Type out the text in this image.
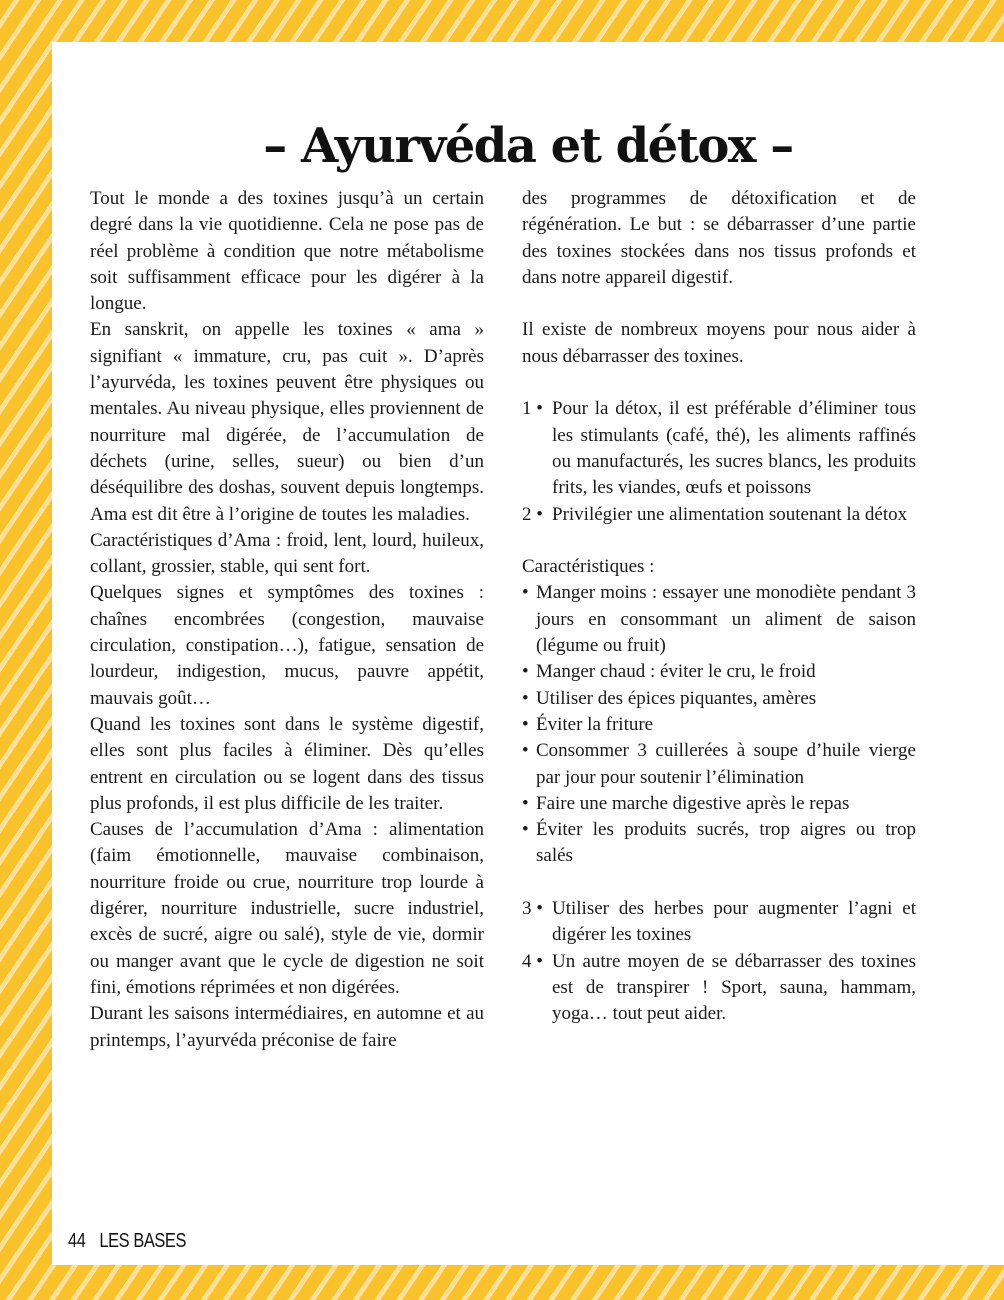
– Ayurvéda et détox –

Tout le monde a des toxines jusqu’à un certain degré dans la vie quotidienne. Cela ne pose pas de réel problème à condition que notre métabolisme soit suffisamment efficace pour les digérer à la longue.

En sanskrit, on appelle les toxines « ama » signifiant « immature, cru, pas cuit ». D’après l’ayurvéda, les toxines peuvent être physiques ou mentales. Au niveau physique, elles proviennent de nourriture mal digérée, de l’accumulation de déchets (urine, selles, sueur) ou bien d’un déséquilibre des doshas, souvent depuis longtemps. Ama est dit être à l’origine de toutes les maladies.

Caractéristiques d’Ama : froid, lent, lourd, huileux, collant, grossier, stable, qui sent fort.

Quelques signes et symptômes des toxines : chaînes encombrées (congestion, mauvaise circulation, constipation…), fatigue, sensation de lourdeur, indigestion, mucus, pauvre appétit, mauvais goût…

Quand les toxines sont dans le système digestif, elles sont plus faciles à éliminer. Dès qu’elles entrent en circulation ou se logent dans des tissus plus profonds, il est plus difficile de les traiter.

Causes de l’accumulation d’Ama : alimentation (faim émotionnelle, mauvaise combinaison, nourriture froide ou crue, nourriture trop lourde à digérer, nourriture industrielle, sucre industriel, excès de sucré, aigre ou salé), style de vie, dormir ou manger avant que le cycle de digestion ne soit fini, émotions réprimées et non digérées.

Durant les saisons intermédiaires, en automne et au printemps, l’ayurvéda préconise de faire

des programmes de détoxification et de régénération. Le but : se débarrasser d’une partie des toxines stockées dans nos tissus profonds et dans notre appareil digestif.

Il existe de nombreux moyens pour nous aider à nous débarrasser des toxines.

1 • Pour la détox, il est préférable d’éliminer tous les stimulants (café, thé), les aliments raffinés ou manufacturés, les sucres blancs, les produits frits, les viandes, œufs et poissons
2 • Privilégier une alimentation soutenant la détox

Caractéristiques :

• Manger moins : essayer une monodiète pendant 3 jours en consommant un aliment de saison (légume ou fruit)
• Manger chaud : éviter le cru, le froid
• Utiliser des épices piquantes, amères
• Éviter la friture
• Consommer 3 cuillerées à soupe d’huile vierge par jour pour soutenir l’élimination
• Faire une marche digestive après le repas
• Éviter les produits sucrés, trop aigres ou trop salés
3 • Utiliser des herbes pour augmenter l’agni et digérer les toxines
4 • Un autre moyen de se débarrasser des toxines est de transpirer ! Sport, sauna, hammam, yoga… tout peut aider.
44 LES BASES
